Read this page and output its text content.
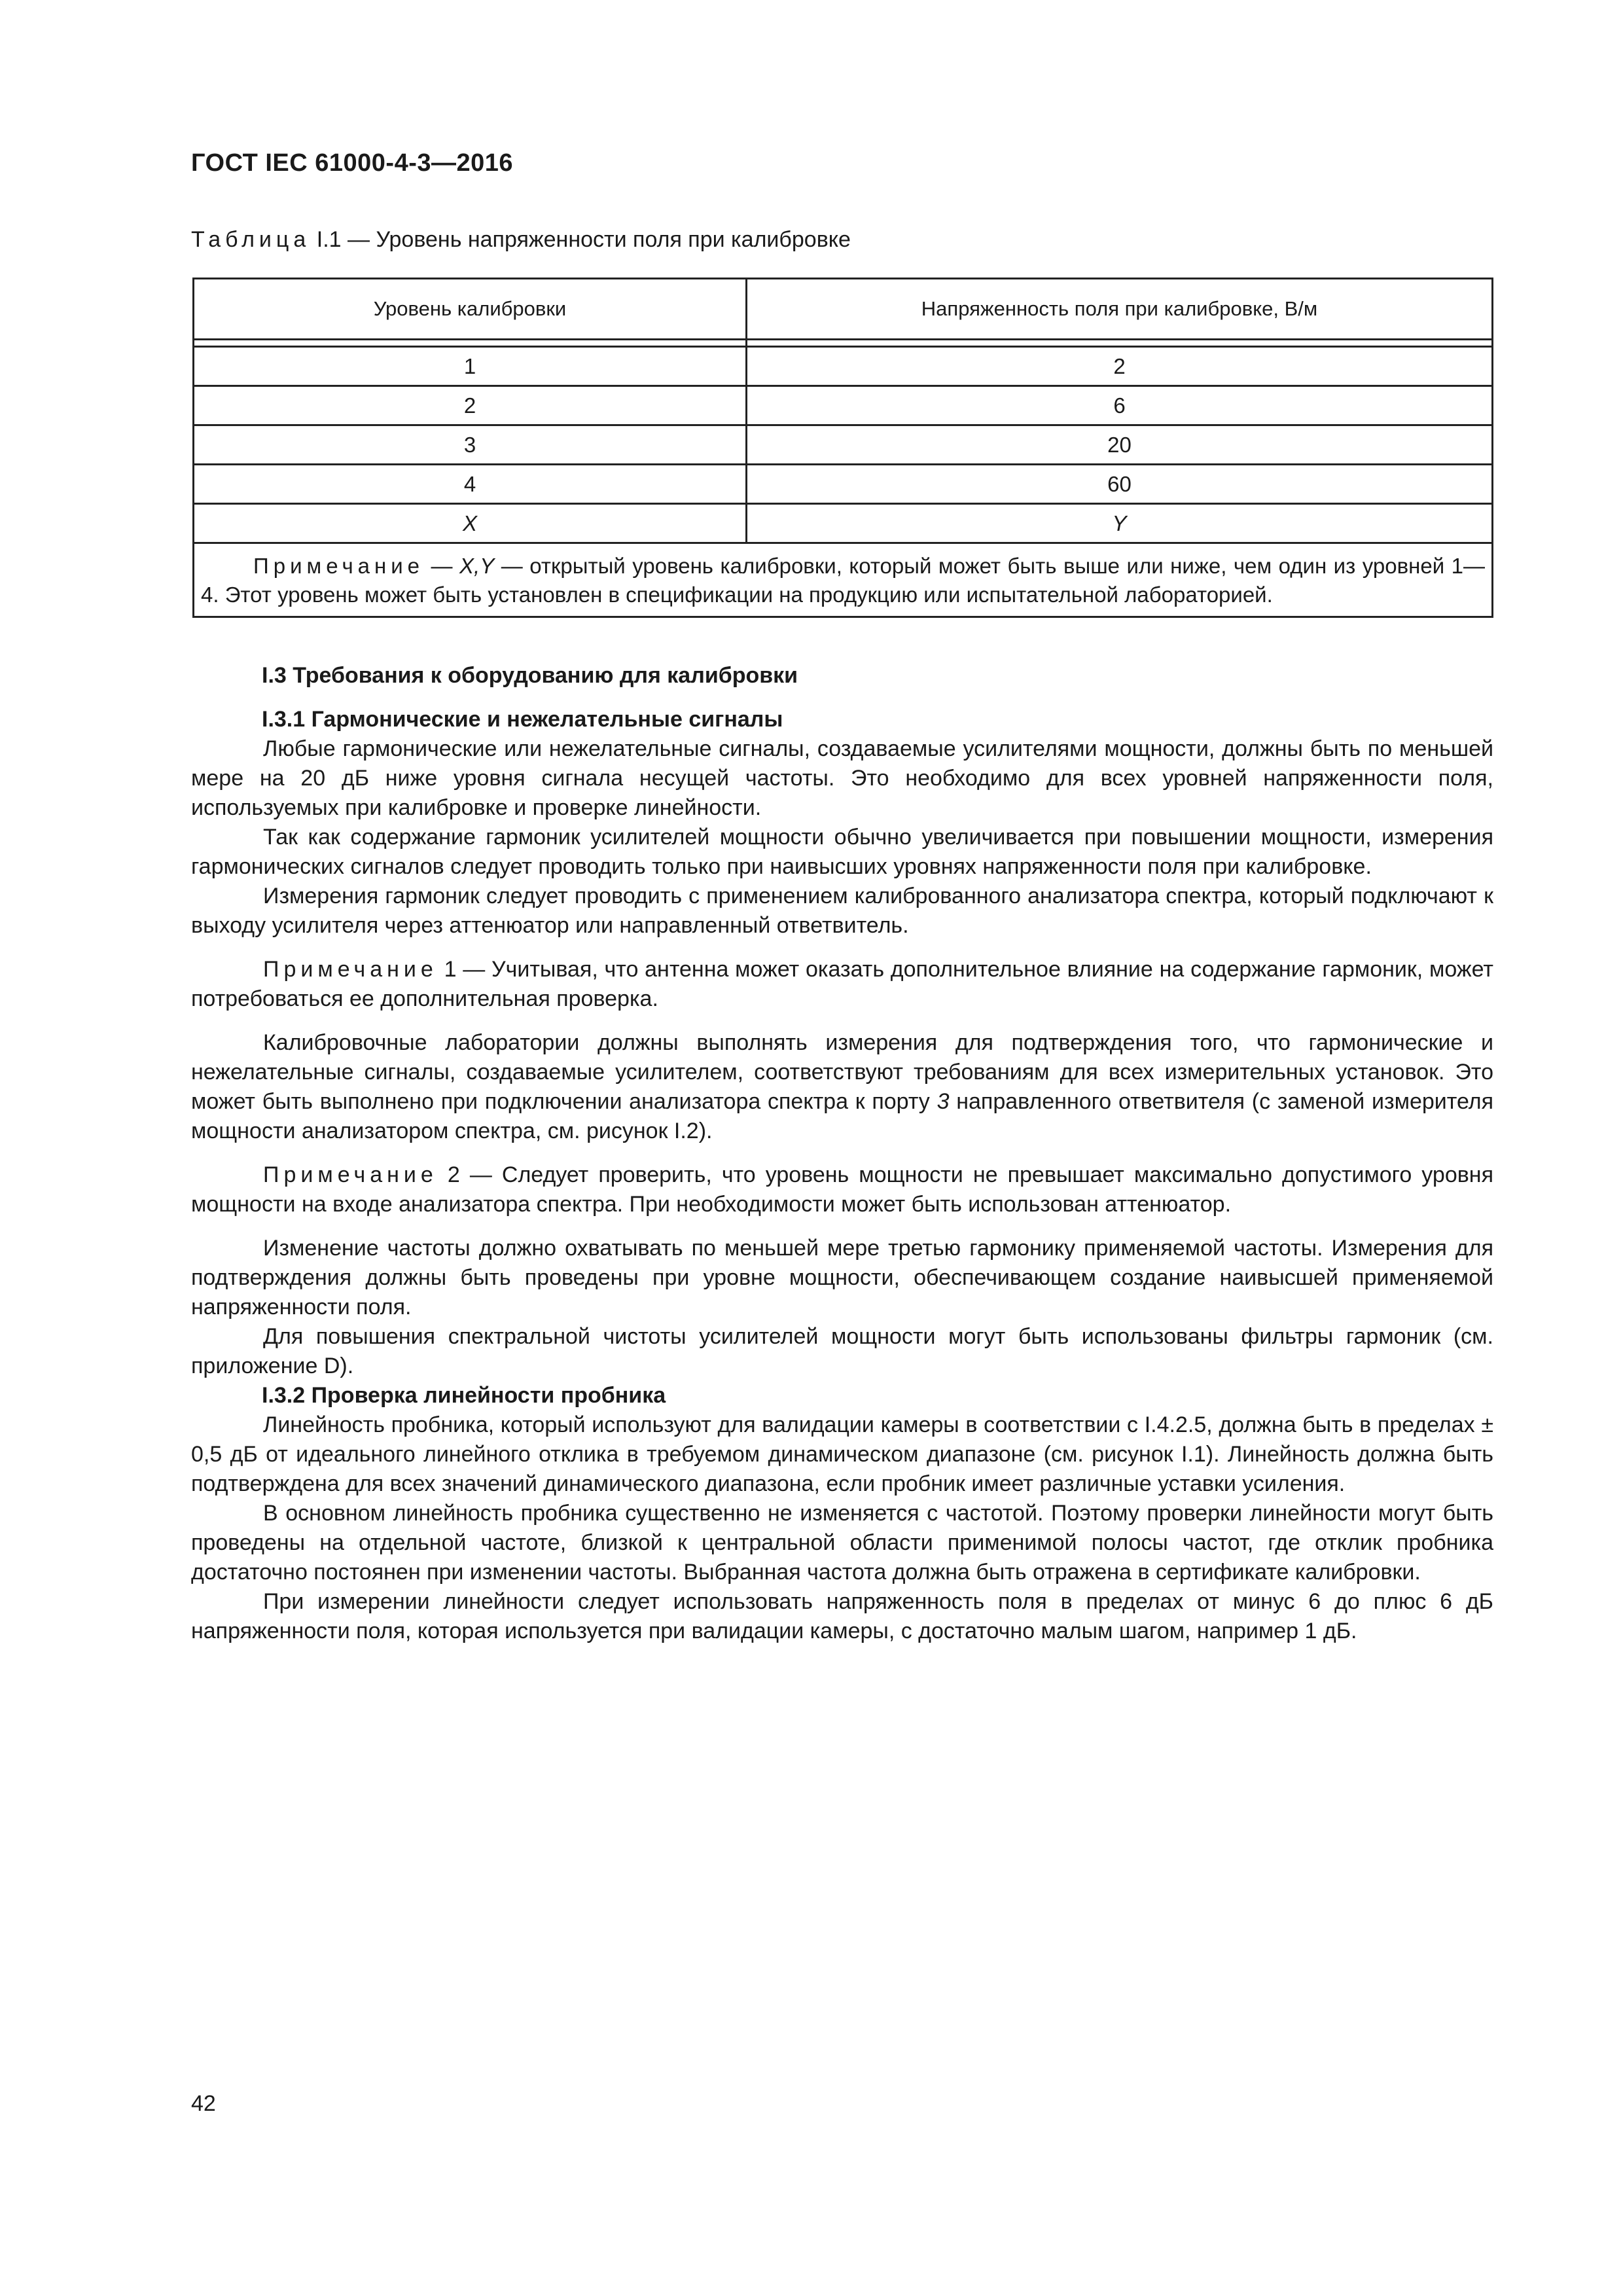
ГОСТ IEC 61000-4-3—2016
Таблица I.1 — Уровень напряженности поля при калибровке
Уровень калибровки	Напряженность поля при калибровке, В/м

1	2
2	6
3	20
4	60
X	Y
Примечание — X,Y — открытый уровень калибровки, который может быть выше или ниже, чем один из уровней 1—4. Этот уровень может быть установлен в спецификации на продукцию или испытательной лабораторией.	
I.3 Требования к оборудованию для калибровки
I.3.1 Гармонические и нежелательные сигналы

Любые гармонические или нежелательные сигналы, создаваемые усилителями мощности, должны быть по меньшей мере на 20 дБ ниже уровня сигнала несущей частоты. Это необходимо для всех уровней напряженности поля, используемых при калибровке и проверке линейности.

Так как содержание гармоник усилителей мощности обычно увеличивается при повышении мощности, измерения гармонических сигналов следует проводить только при наивысших уровнях напряженности поля при калибровке.

Измерения гармоник следует проводить с применением калиброванного анализатора спектра, который подключают к выходу усилителя через аттенюатор или направленный ответвитель.

Примечание 1 — Учитывая, что антенна может оказать дополнительное влияние на содержание гармоник, может потребоваться ее дополнительная проверка.

Калибровочные лаборатории должны выполнять измерения для подтверждения того, что гармонические и нежелательные сигналы, создаваемые усилителем, соответствуют требованиям для всех измерительных установок. Это может быть выполнено при подключении анализатора спектра к порту 3 направленного ответвителя (с заменой измерителя мощности анализатором спектра, см. рисунок I.2).

Примечание 2 — Следует проверить, что уровень мощности не превышает максимально допустимого уровня мощности на входе анализатора спектра. При необходимости может быть использован аттенюатор.

Изменение частоты должно охватывать по меньшей мере третью гармонику применяемой частоты. Измерения для подтверждения должны быть проведены при уровне мощности, обеспечивающем создание наивысшей применяемой напряженности поля.

Для повышения спектральной чистоты усилителей мощности могут быть использованы фильтры гармоник (см. приложение D).

I.3.2 Проверка линейности пробника

Линейность пробника, который используют для валидации камеры в соответствии с I.4.2.5, должна быть в пределах ± 0,5 дБ от идеального линейного отклика в требуемом динамическом диапазоне (см. рисунок I.1). Линейность должна быть подтверждена для всех значений динамического диапазона, если пробник имеет различные уставки усиления.

В основном линейность пробника существенно не изменяется с частотой. Поэтому проверки линейности могут быть проведены на отдельной частоте, близкой к центральной области применимой полосы частот, где отклик пробника достаточно постоянен при изменении частоты. Выбранная частота должна быть отражена в сертификате калибровки.

При измерении линейности следует использовать напряженность поля в пределах от минус 6 до плюс 6 дБ напряженности поля, которая используется при валидации камеры, с достаточно малым шагом, например 1 дБ.

42
